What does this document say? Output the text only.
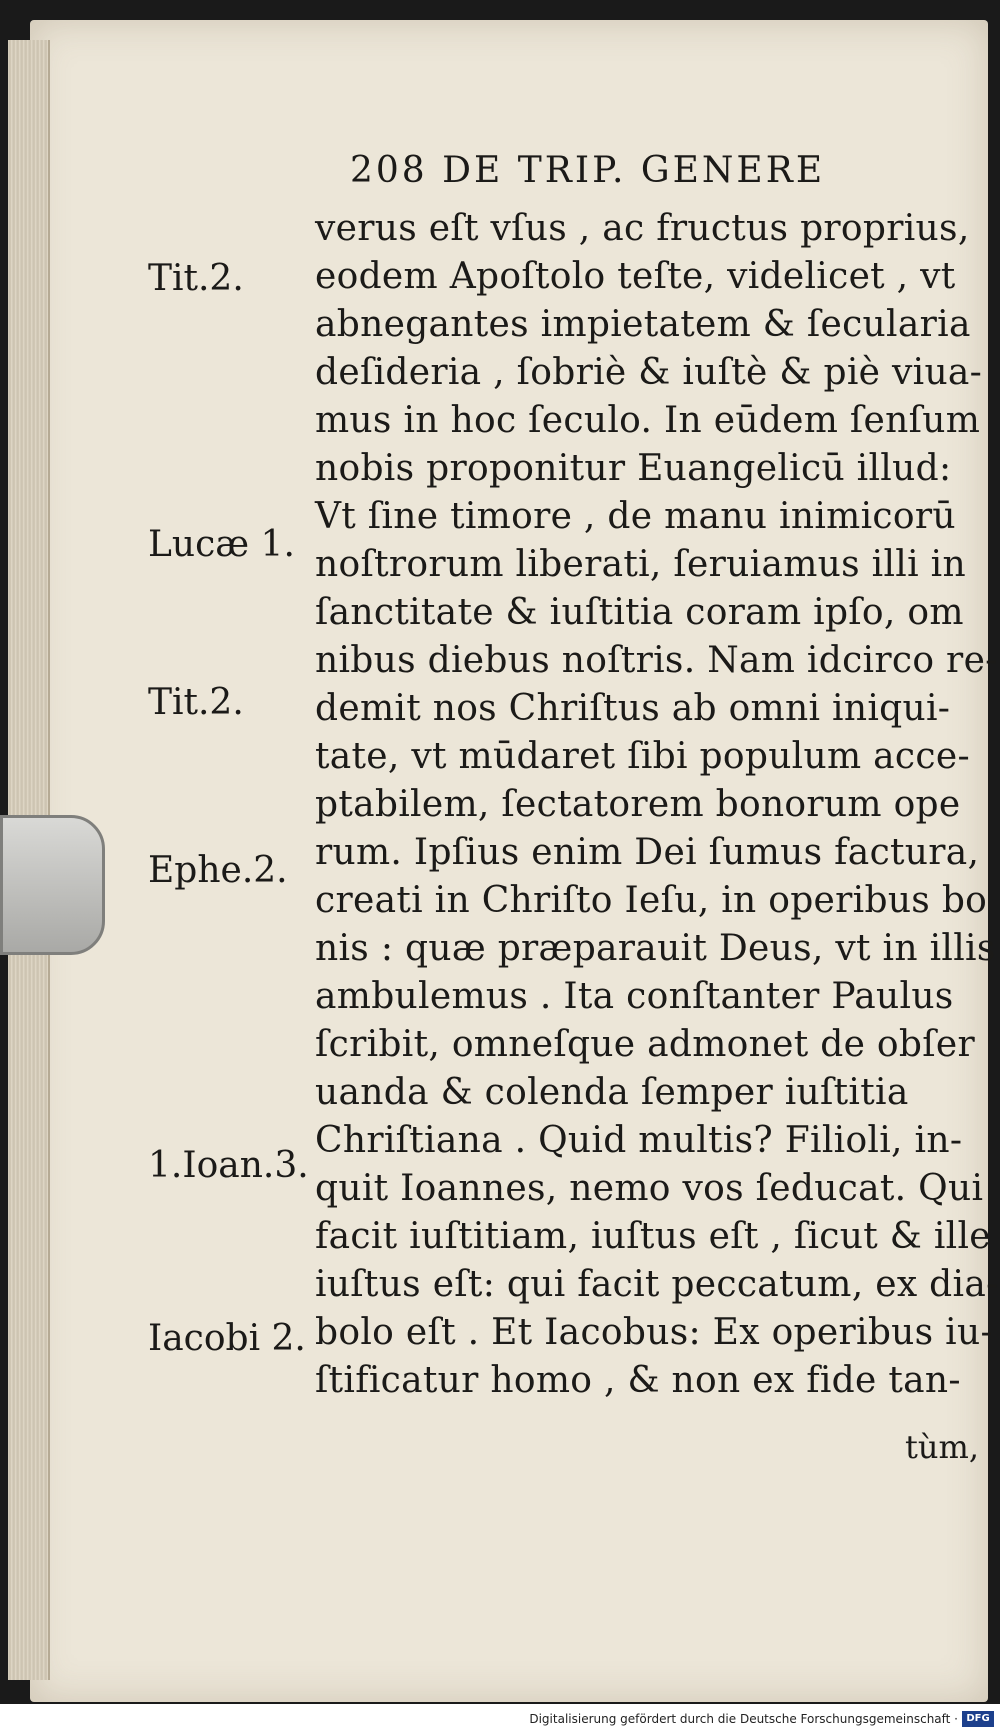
208 DE TRIP. GENERE
Tit.2.
Lucæ 1.
Tit.2.
Ephe.2.
1.Ioan.3.
Iacobi 2.
verus eſt vſus , ac fructus proprius,
eodem Apoſtolo teſte, videlicet , vt
abnegantes impietatem & ſecularia
deſideria , ſobriè & iuſtè & piè viua-
mus in hoc ſeculo. In eūdem ſenſum
nobis proponitur Euangelicū illud:
Vt ſine timore , de manu inimicorū
noſtrorum liberati, ſeruiamus illi in
ſanctitate & iuſtitia coram ipſo, om
nibus diebus noſtris. Nam idcirco re-
demit nos Chriſtus ab omni iniqui-
tate, vt mūdaret ſibi populum acce-
ptabilem, ſectatorem bonorum ope
rum. Ipſius enim Dei ſumus factura,
creati in Chriſto Ieſu, in operibus bo
nis : quæ præparauit Deus, vt in illis
ambulemus . Ita conſtanter Paulus
ſcribit, omneſque admonet de obſer
uanda & colenda ſemper iuſtitia
Chriſtiana . Quid multis? Filioli, in-
quit Ioannes, nemo vos ſeducat. Qui
facit iuſtitiam, iuſtus eſt , ſicut & ille
iuſtus eſt: qui facit peccatum, ex dia-
bolo eſt . Et Iacobus: Ex operibus iu-
ſtificatur homo , & non ex fide tan-
tùm,
Digitalisierung gefördert durch die Deutsche Forschungsgemeinschaft · DFG
